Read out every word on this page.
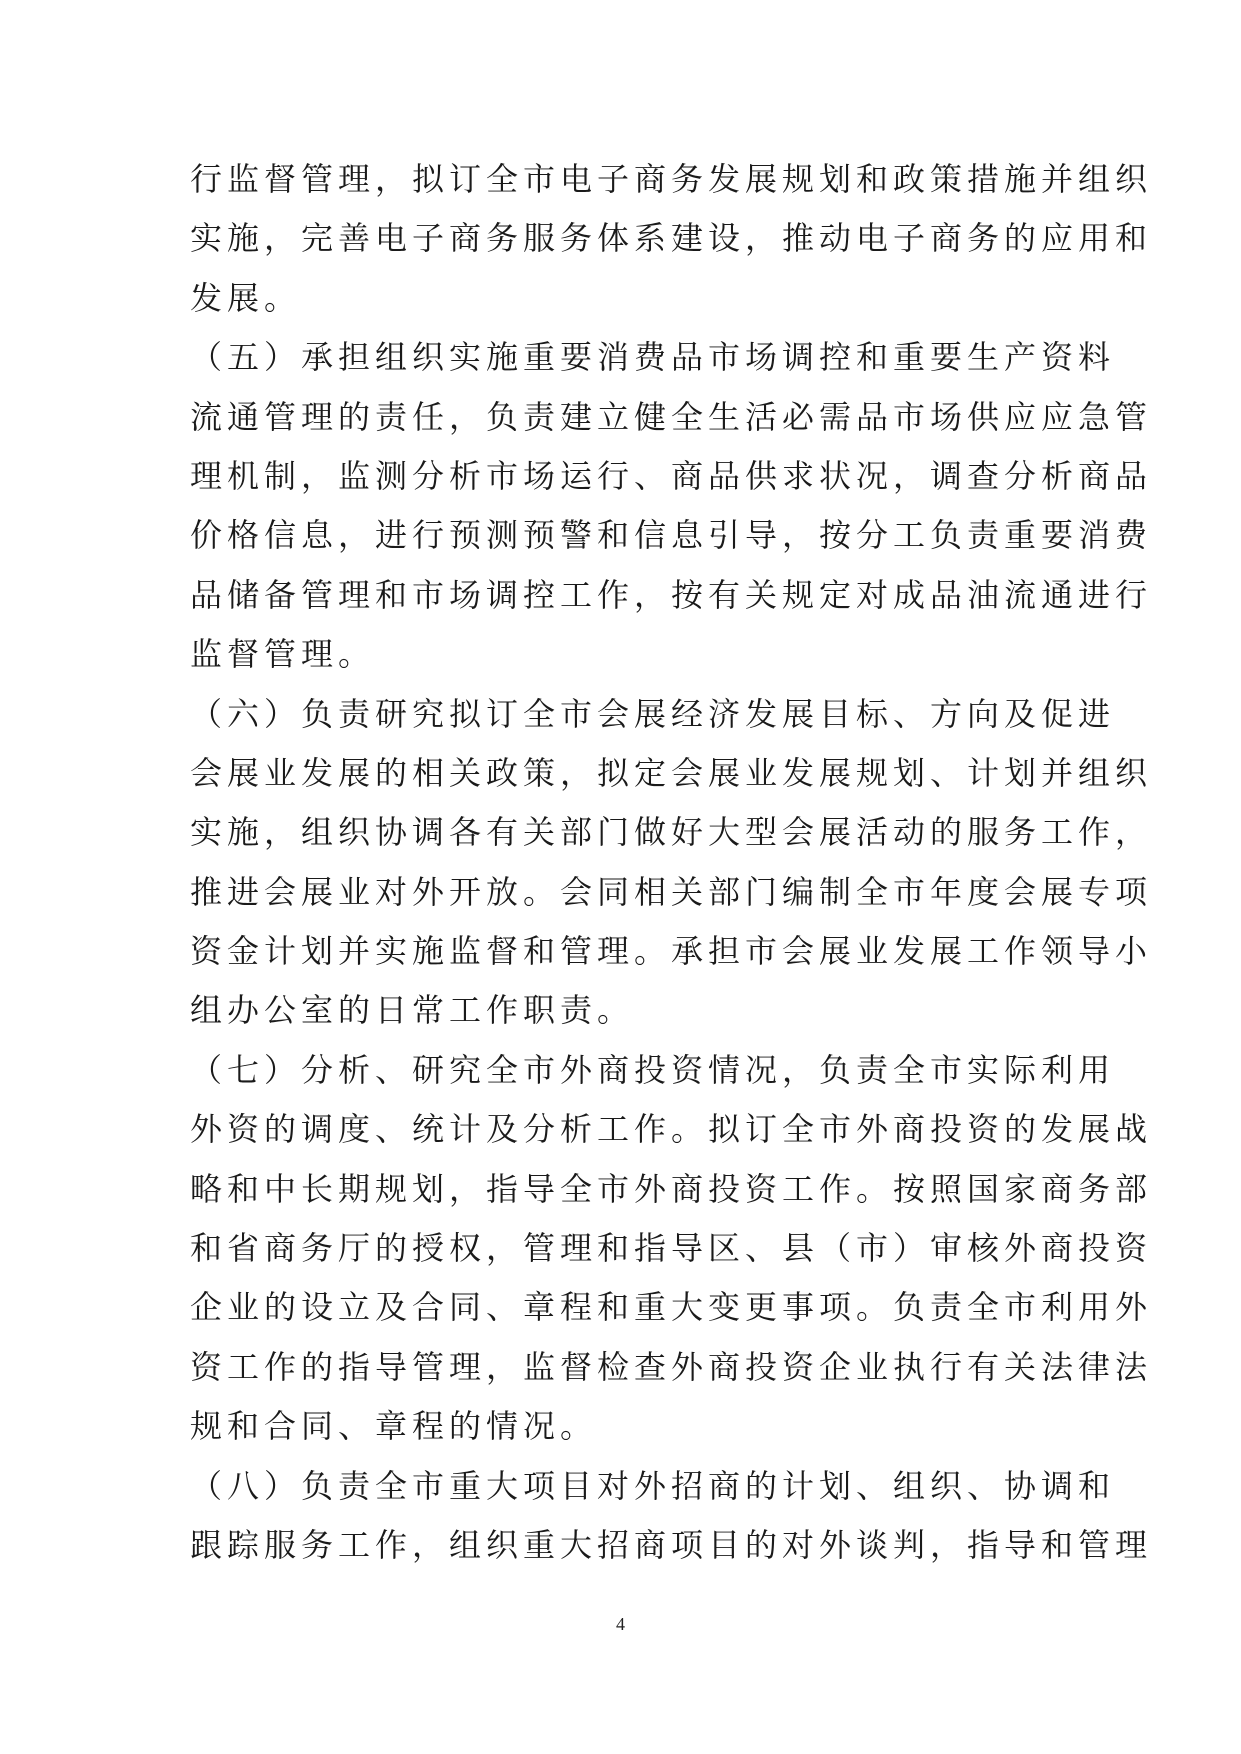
行监督管理，拟订全市电子商务发展规划和政策措施并组织
实施，完善电子商务服务体系建设，推动电子商务的应用和
发展。
（五）承担组织实施重要消费品市场调控和重要生产资料
流通管理的责任，负责建立健全生活必需品市场供应应急管
理机制，监测分析市场运行、商品供求状况，调查分析商品
价格信息，进行预测预警和信息引导，按分工负责重要消费
品储备管理和市场调控工作，按有关规定对成品油流通进行
监督管理。
（六）负责研究拟订全市会展经济发展目标、方向及促进
会展业发展的相关政策，拟定会展业发展规划、计划并组织
实施，组织协调各有关部门做好大型会展活动的服务工作，
推进会展业对外开放。会同相关部门编制全市年度会展专项
资金计划并实施监督和管理。承担市会展业发展工作领导小
组办公室的日常工作职责。
（七）分析、研究全市外商投资情况，负责全市实际利用
外资的调度、统计及分析工作。拟订全市外商投资的发展战
略和中长期规划，指导全市外商投资工作。按照国家商务部
和省商务厅的授权，管理和指导区、县（市）审核外商投资
企业的设立及合同、章程和重大变更事项。负责全市利用外
资工作的指导管理，监督检查外商投资企业执行有关法律法
规和合同、章程的情况。
（八）负责全市重大项目对外招商的计划、组织、协调和
跟踪服务工作，组织重大招商项目的对外谈判，指导和管理
4
